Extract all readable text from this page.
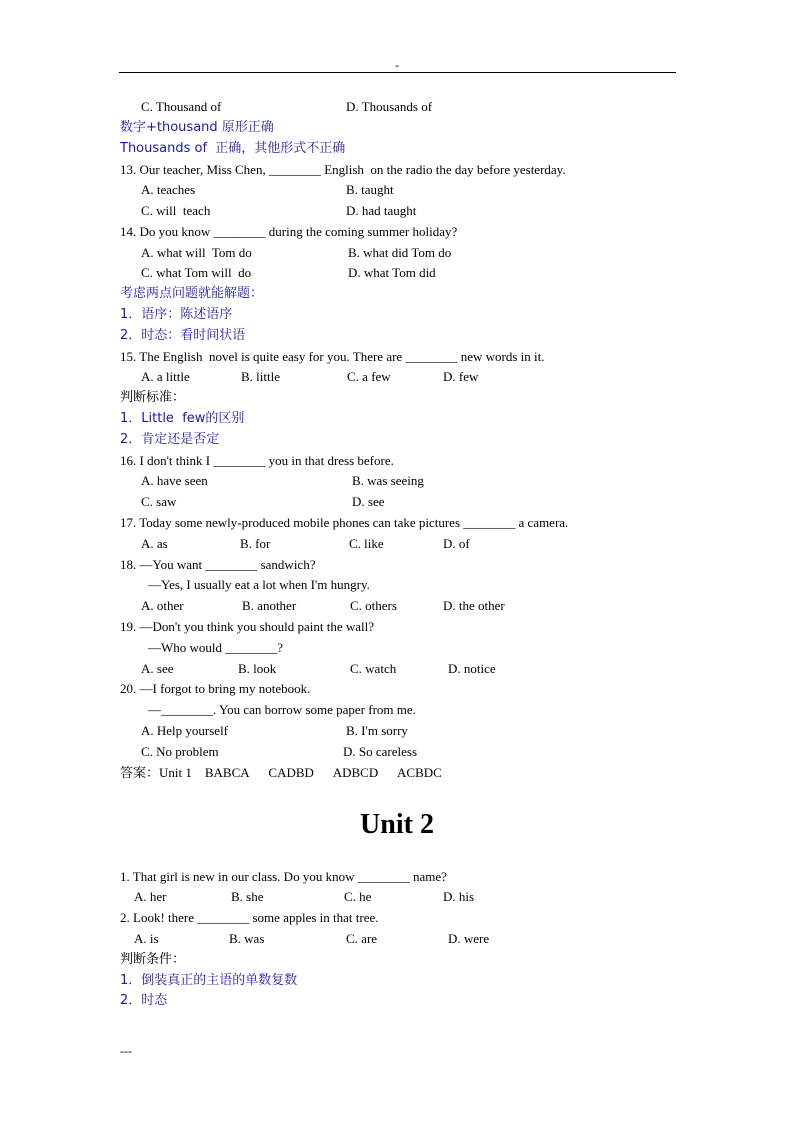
-
C. Thousand of	D. Thousands of
数字+thousand 原形正确
Thousands of  正确，其他形式不正确
13. Our teacher, Miss Chen, ________ English  on the radio the day before yesterday.
A. teaches	B. taught
C. will  teach	D. had taught
14. Do you know ________ during the coming summer holiday?
A. what will  Tom do	B. what did Tom do
C. what Tom will  do	D. what Tom did
考虑两点问题就能解题：
1．语序：陈述语序
2．时态：看时间状语
15. The English  novel is quite easy for you. There are ________ new words in it.
A. a little	B. little	C. a few	D. few
判断标准：
1．Little  few的区别
2．肯定还是否定
16. I don't think I ________ you in that dress before.
A. have seen	B. was seeing
C. saw	D. see
17. Today some newly-produced mobile phones can take pictures ________ a camera.
A. as	B. for	C. like	D. of
18. —You want ________ sandwich?
—Yes, I usually eat a lot when I'm hungry.
A. other	B. another	C. others	D. the other
19. —Don't you think you should paint the wall?
—Who would ________?
A. see	B. look	C. watch	D. notice
20. —I forgot to bring my notebook.
—________. You can borrow some paper from me.
A. Help yourself	B. I'm sorry
C. No problem	D. So careless
答案：Unit 1    BABCA      CADBD      ADBCD      ACBDC
Unit 2
1. That girl is new in our class. Do you know ________ name?
A. her	B. she	C. he	D. his
2. Look! there ________ some apples in that tree.
A. is	B. was	C. are	D. were
判断条件：
1．倒装真正的主语的单数复数
2．时态
---
